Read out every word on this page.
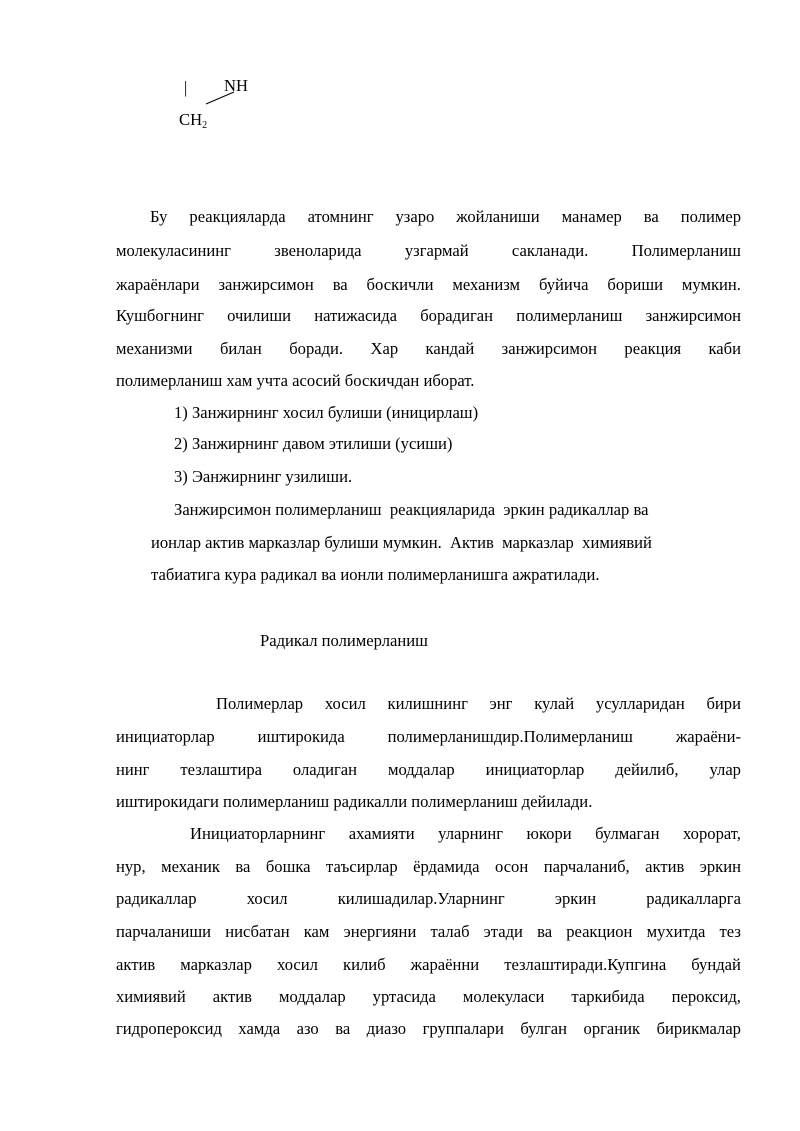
| NH
$CH_2$
Бу реакцияларда атомнинг узаро жойланиши манамер ва полимер
молекуласининг	звеноларида	узгармай	сакланади.	Полимерланиш
жараёнлари занжирсимон ва боскичли механизм буйича бориши мумкин.
Кушбогнинг очилиши натижасида борадиган полимерланиш занжирсимон
механизми билан боради. Хар кандай занжирсимон реакция каби
полимерланиш хам учта асосий боскичдан иборат.
1) Занжирнинг хосил булиши (иницирлаш)
2) Занжирнинг давом этилиши (усиши)
3) Эанжирнинг узилиши.
Занжирсимон полимерланиш  реакцияларида  эркин радикаллар ва
ионлар актив марказлар булиши мумкин.  Актив  марказлар  химиявий
табиатига кура радикал ва ионли полимерланишга ажратилади.
Радикал полимерланиш
Полимерлар хосил килишнинг энг кулай усулларидан бири
инициаторлар	иштирокида	полимерланишдир.Полимерланиш	жараёни-
нинг тезлаштира оладиган моддалар инициаторлар дейилиб, улар
иштирокидаги полимерланиш радикалли полимерланиш дейилади.
Инициаторларнинг ахамияти уларнинг юкори булмаган хорорат,
нур, механик ва бошка таъсирлар ёрдамида осон парчаланиб, актив эркин
радикаллар	хосил	килишадилар.Уларнинг	эркин	радикалларга
парчаланиши нисбатан кам энергияни талаб этади ва реакцион мухитда тез
актив марказлар хосил килиб жараённи тезлаштиради.Купгина бундай
химиявий актив моддалар уртасида молекуласи таркибида пероксид,
гидропероксид хамда азо ва диазо группалари булган органик бирикмалар
